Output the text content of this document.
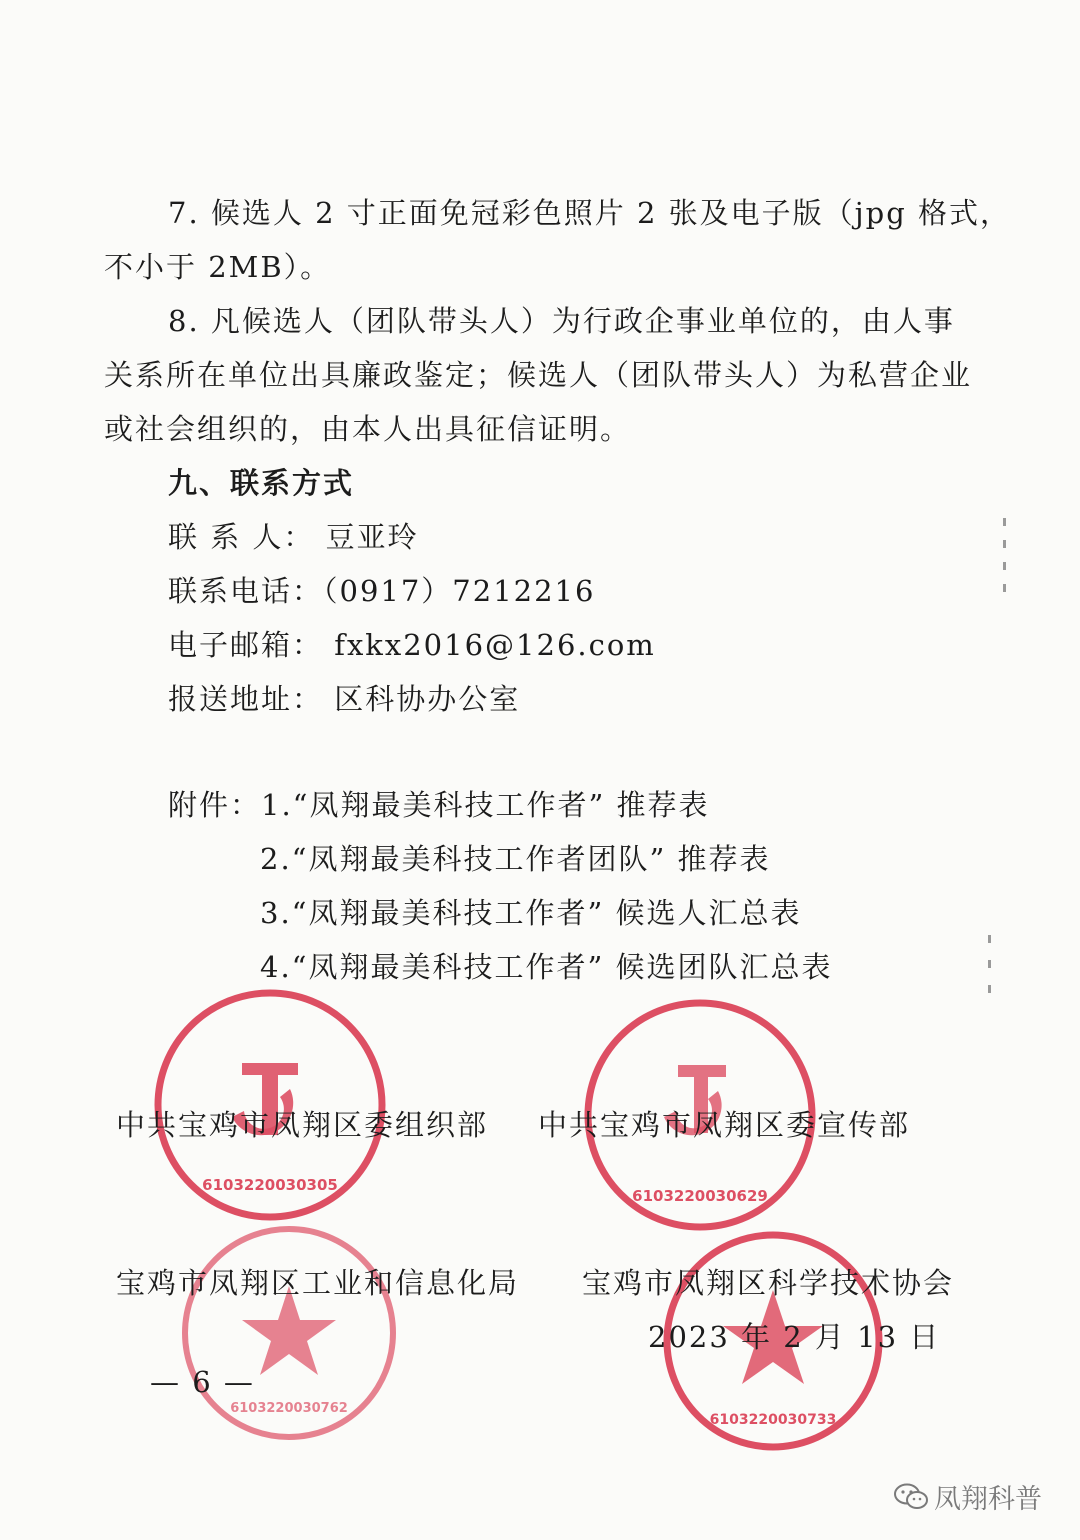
7. 候选人 2 寸正面免冠彩色照片 2 张及电子版（jpg 格式，
不小于 2MB）。
8. 凡候选人（团队带头人）为行政企事业单位的，由人事
关系所在单位出具廉政鉴定；候选人（团队带头人）为私营企业
或社会组织的，由本人出具征信证明。
九、联系方式
联 系 人： 豆亚玲
联系电话：（0917）7212216
电子邮箱： fxkx2016@126.com
报送地址： 区科协办公室
附件：1.“凤翔最美科技工作者” 推荐表
2.“凤翔最美科技工作者团队” 推荐表
3.“凤翔最美科技工作者” 候选人汇总表
4.“凤翔最美科技工作者” 候选团队汇总表
6103220030305
6103220030629
6103220030762
6103220030733
中共宝鸡市凤翔区委组织部 中共宝鸡市凤翔区委宣传部
宝鸡市凤翔区工业和信息化局 宝鸡市凤翔区科学技术协会
2023 年 2 月 13 日
— 6 —
凤翔科普
